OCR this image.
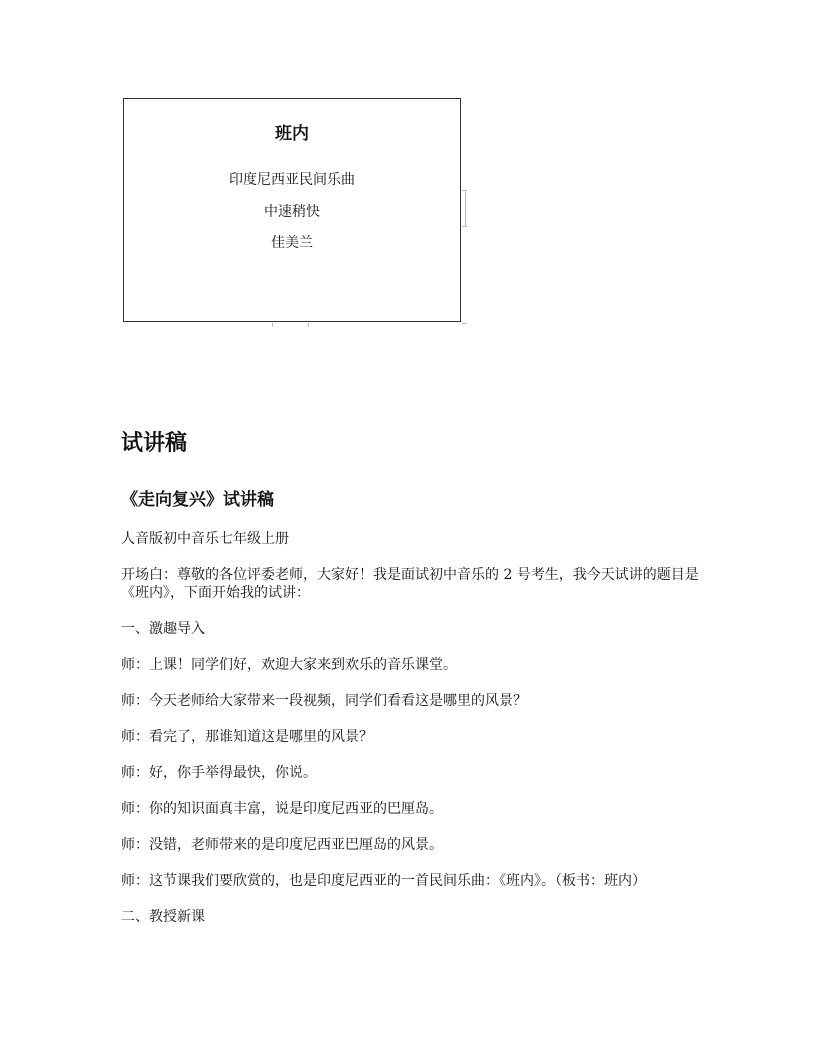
班内
印度尼西亚民间乐曲
中速稍快
佳美兰
试讲稿
《走向复兴》试讲稿
人音版初中音乐七年级上册
开场白：尊敬的各位评委老师，大家好！我是面试初中音乐的 2 号考生，我今天试讲的题目是《班内》，下面开始我的试讲：
一、激趣导入
师：上课！同学们好，欢迎大家来到欢乐的音乐课堂。
师：今天老师给大家带来一段视频，同学们看看这是哪里的风景？
师：看完了，那谁知道这是哪里的风景？
师：好，你手举得最快，你说。
师：你的知识面真丰富，说是印度尼西亚的巴厘岛。
师：没错，老师带来的是印度尼西亚巴厘岛的风景。
师：这节课我们要欣赏的，也是印度尼西亚的一首民间乐曲：《班内》。（板书：班内）
二、教授新课
